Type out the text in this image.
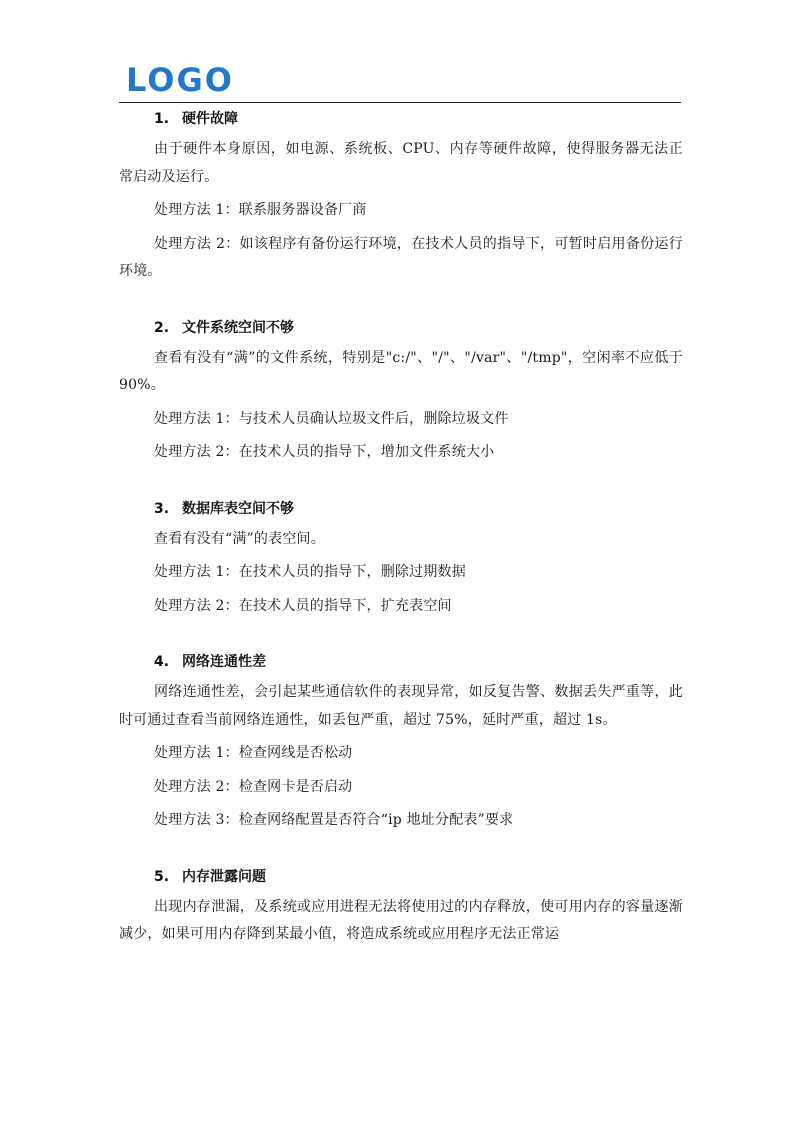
LOGO
1. 硬件故障

由于硬件本身原因，如电源、系统板、CPU、内存等硬件故障，使得服务器无法正常启动及运行。

处理方法 1：联系服务器设备厂商

处理方法 2：如该程序有备份运行环境，在技术人员的指导下，可暂时启用备份运行环境。

2. 文件系统空间不够

查看有没有“满”的文件系统，特别是"c:/"、"/"、"/var"、"/tmp"，空闲率不应低于 90%。

处理方法 1：与技术人员确认垃圾文件后，删除垃圾文件

处理方法 2：在技术人员的指导下，增加文件系统大小

3. 数据库表空间不够

查看有没有“满”的表空间。

处理方法 1：在技术人员的指导下，删除过期数据

处理方法 2：在技术人员的指导下，扩充表空间

4. 网络连通性差

网络连通性差，会引起某些通信软件的表现异常，如反复告警、数据丢失严重等，此时可通过查看当前网络连通性，如丢包严重，超过 75%，延时严重，超过 1s。

处理方法 1：检查网线是否松动

处理方法 2：检查网卡是否启动

处理方法 3：检查网络配置是否符合“ip 地址分配表”要求

5. 内存泄露问题

出现内存泄漏，及系统或应用进程无法将使用过的内存释放，使可用内存的容量逐渐减少，如果可用内存降到某最小值，将造成系统或应用程序无法正常运
